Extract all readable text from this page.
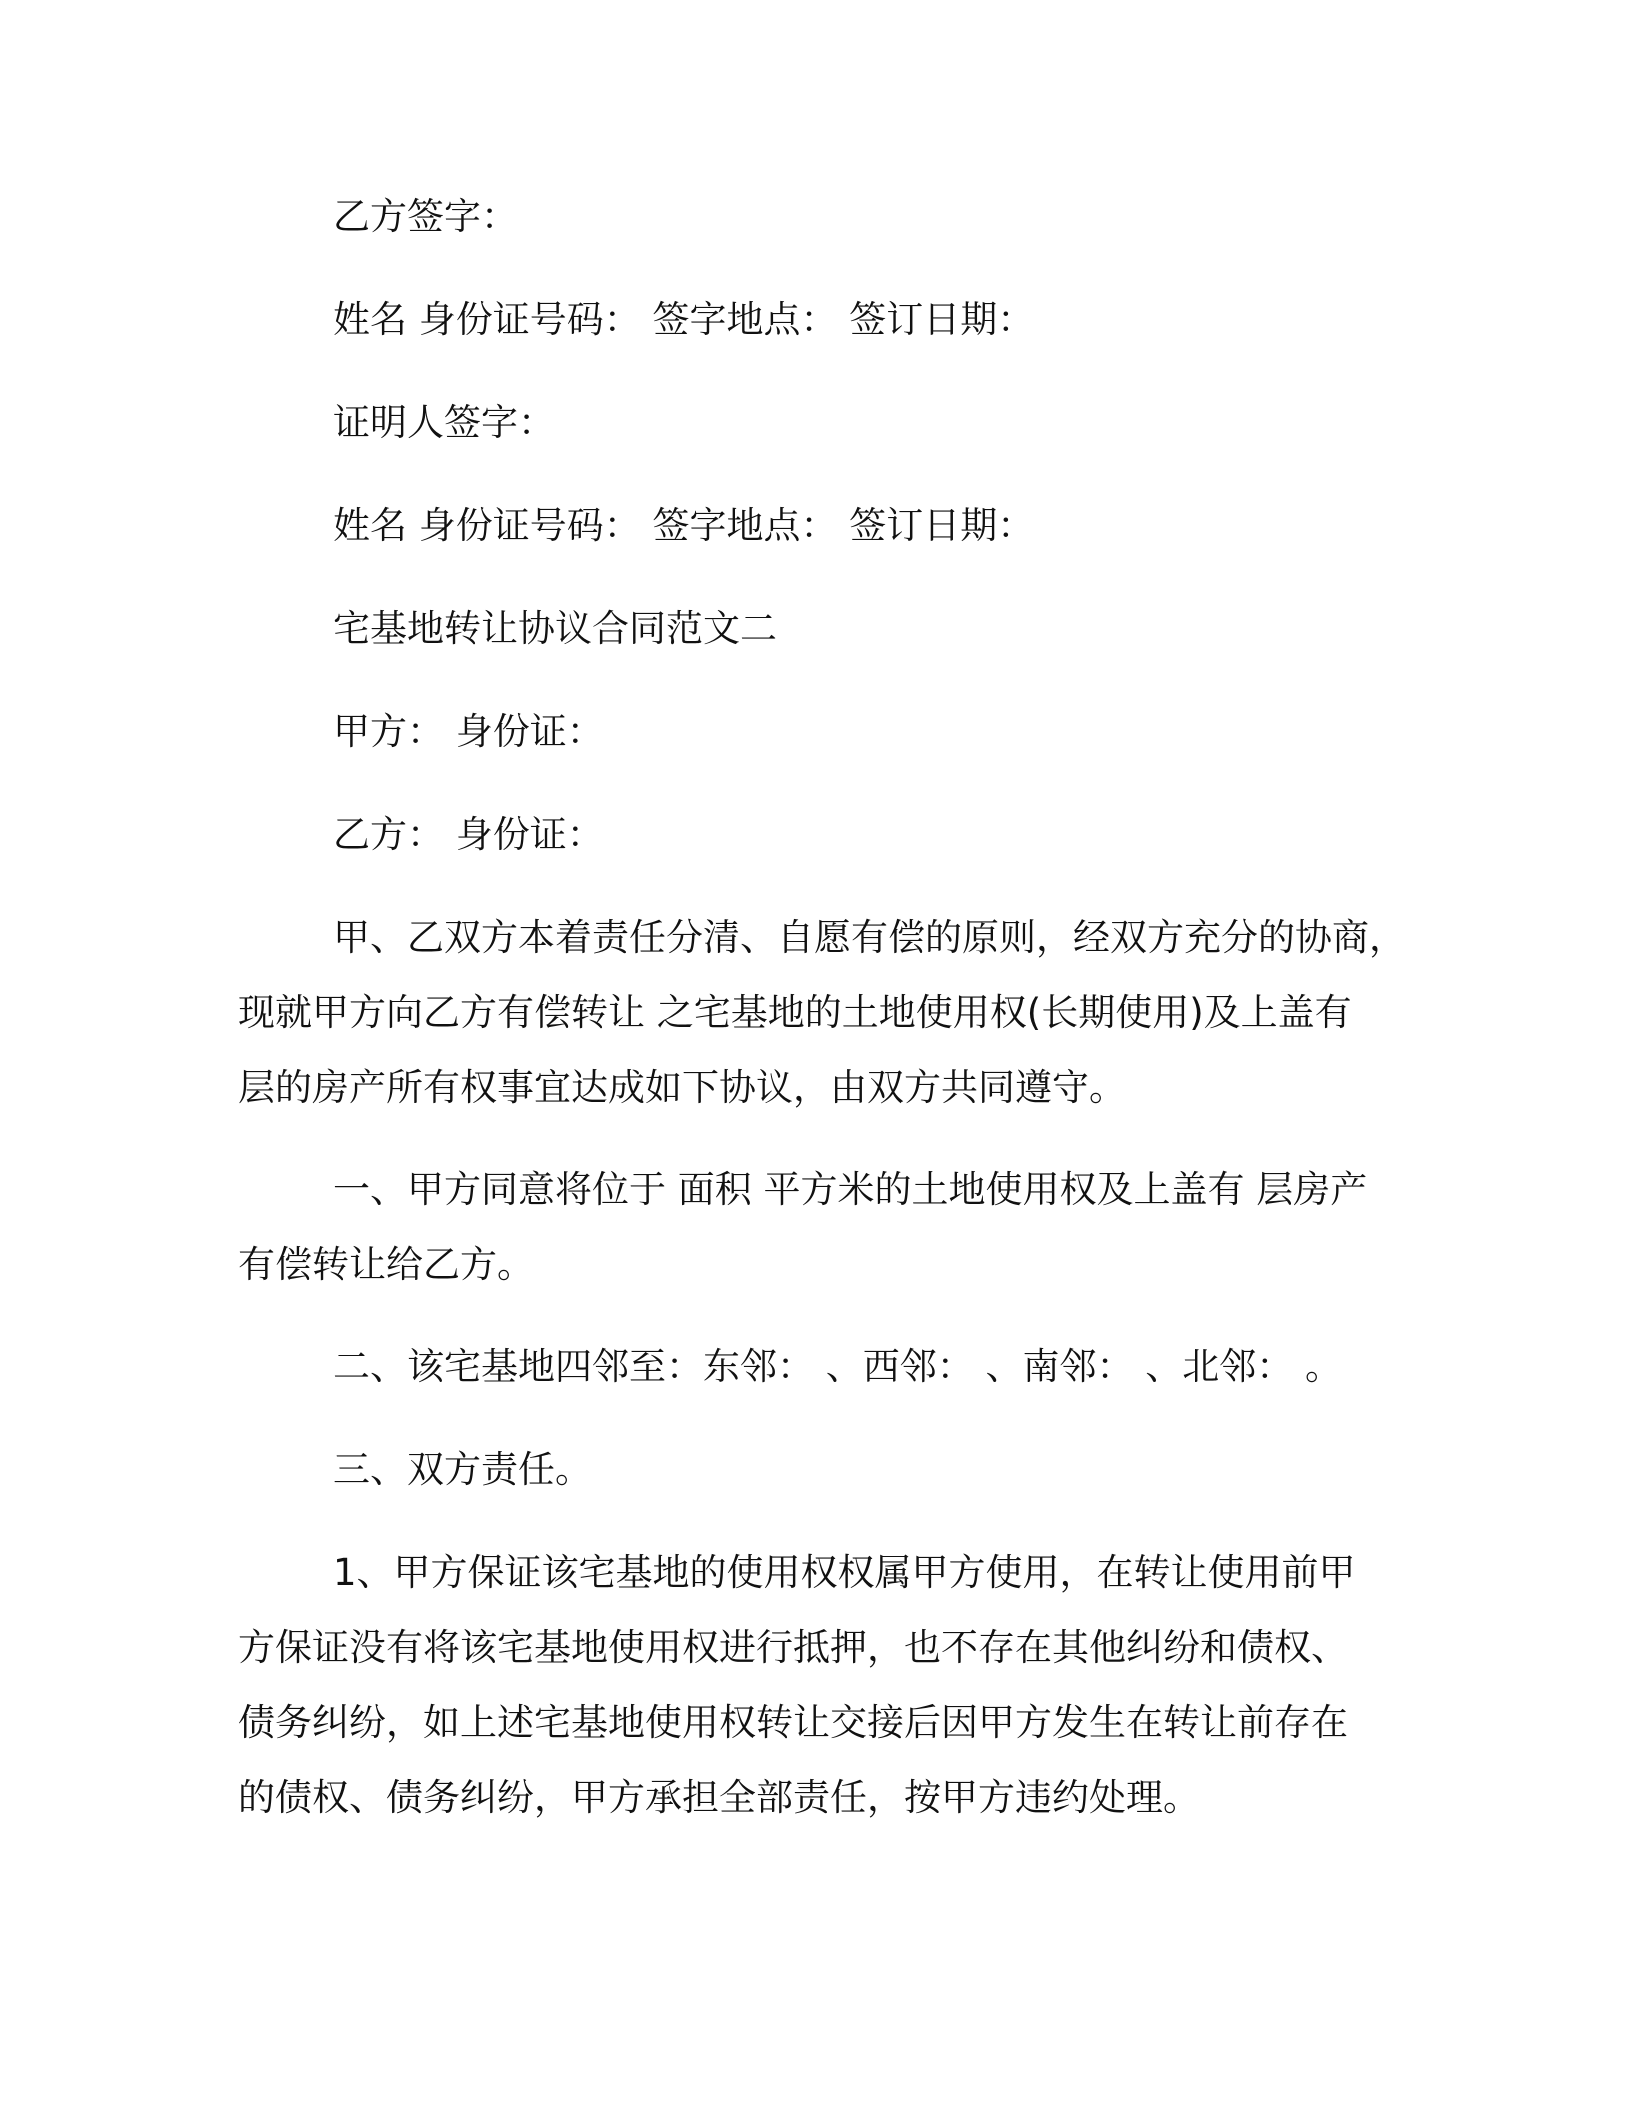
乙方签字：
姓名 身份证号码： 签字地点： 签订日期：
证明人签字：
姓名 身份证号码： 签字地点： 签订日期：
宅基地转让协议合同范文二
甲方： 身份证：
乙方： 身份证：
甲、乙双方本着责任分清、自愿有偿的原则，经双方充分的协商，
现就甲方向乙方有偿转让 之宅基地的土地使用权(长期使用)及上盖有
层的房产所有权事宜达成如下协议，由双方共同遵守。
一、甲方同意将位于 面积 平方米的土地使用权及上盖有 层房产
有偿转让给乙方。
二、该宅基地四邻至：东邻： 、西邻： 、南邻： 、北邻： 。
三、双方责任。
1、甲方保证该宅基地的使用权权属甲方使用，在转让使用前甲
方保证没有将该宅基地使用权进行抵押，也不存在其他纠纷和债权、
债务纠纷，如上述宅基地使用权转让交接后因甲方发生在转让前存在
的债权、债务纠纷，甲方承担全部责任，按甲方违约处理。
